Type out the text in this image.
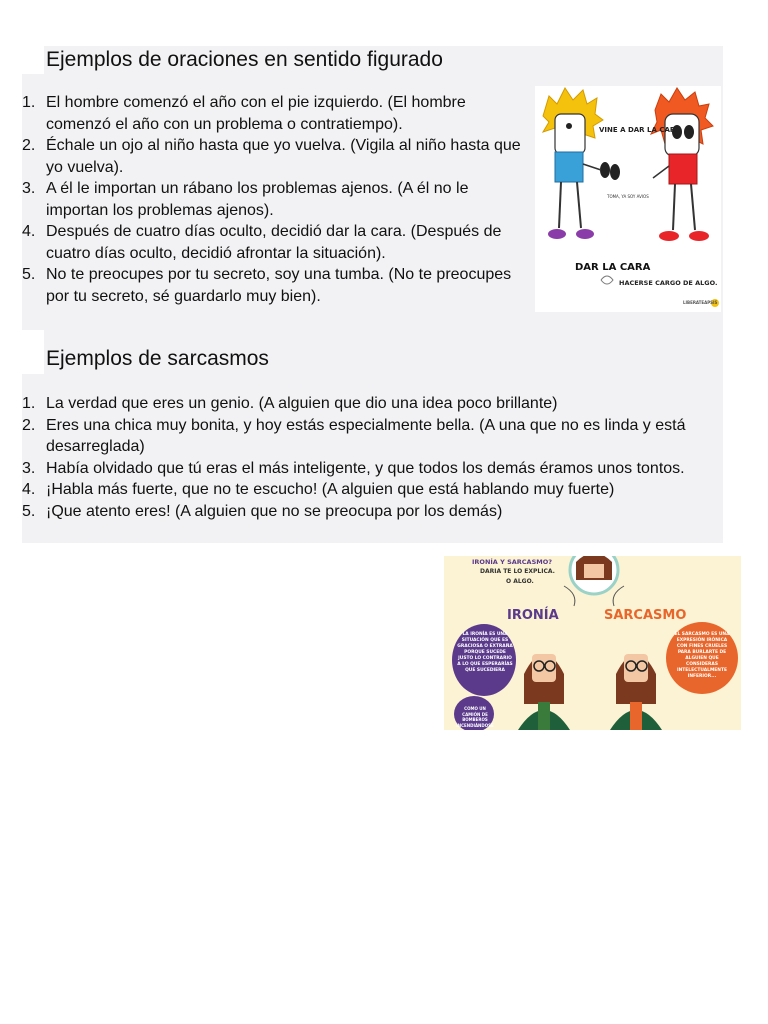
Ejemplos de oraciones en sentido figurado
1. El hombre comenzó el año con el pie izquierdo. (El hombre comenzó el año con un problema o contratiempo).
2. Échale un ojo al niño hasta que yo vuelva. (Vigila al niño hasta que yo vuelva).
3. A él le importan un rábano los problemas ajenos. (A él no le importan los problemas ajenos).
4. Después de cuatro días oculto, decidió dar la cara. (Después de cuatro días oculto, decidió afrontar la situación).
5. No te preocupes por tu secreto, soy una tumba. (No te preocupes por tu secreto, sé guardarlo muy bien).
Ejemplos de sarcasmos
1. La verdad que eres un genio. (A alguien que dio una idea poco brillante)
2. Eres una chica muy bonita, y hoy estás especialmente bella. (A una que no es linda y está desarreglada)
3. Había olvidado que tú eras el más inteligente, y que todos los demás éramos unos tontos.
4. ¡Habla más fuerte, que no te escucho! (A alguien que está hablando muy fuerte)
5. ¡Que atento eres! (A alguien que no se preocupa por los demás)
VINE A DAR LA CARA
TOMA, YA SOY AVIOS
DAR LA CARA
HACERSE CARGO DE ALGO.
LIBERATEAPSIS
IRONÍA Y SARCASMO?
DARIA TE LO EXPLICA.
O ALGO.
IRONÍA	SARCASMO
LA IRONÍA ES UNA SITUACIÓN QUE ES GRACIOSA O EXTRAÑA PORQUE SUCEDE JUSTO LO CONTRARIO A LO QUE ESPERARÍAS QUE SUCEDIERA
EL SARCASMO ES UNA EXPRESIÓN IRÓNICA CON FINES CRUELES PARA BURLARTE DE ALGUIEN QUE CONSIDERAS INTELECTUALMENTE INFERIOR...
COMO UN CAMIÓN DE BOMBEROS INCENDIÁNDOSE
